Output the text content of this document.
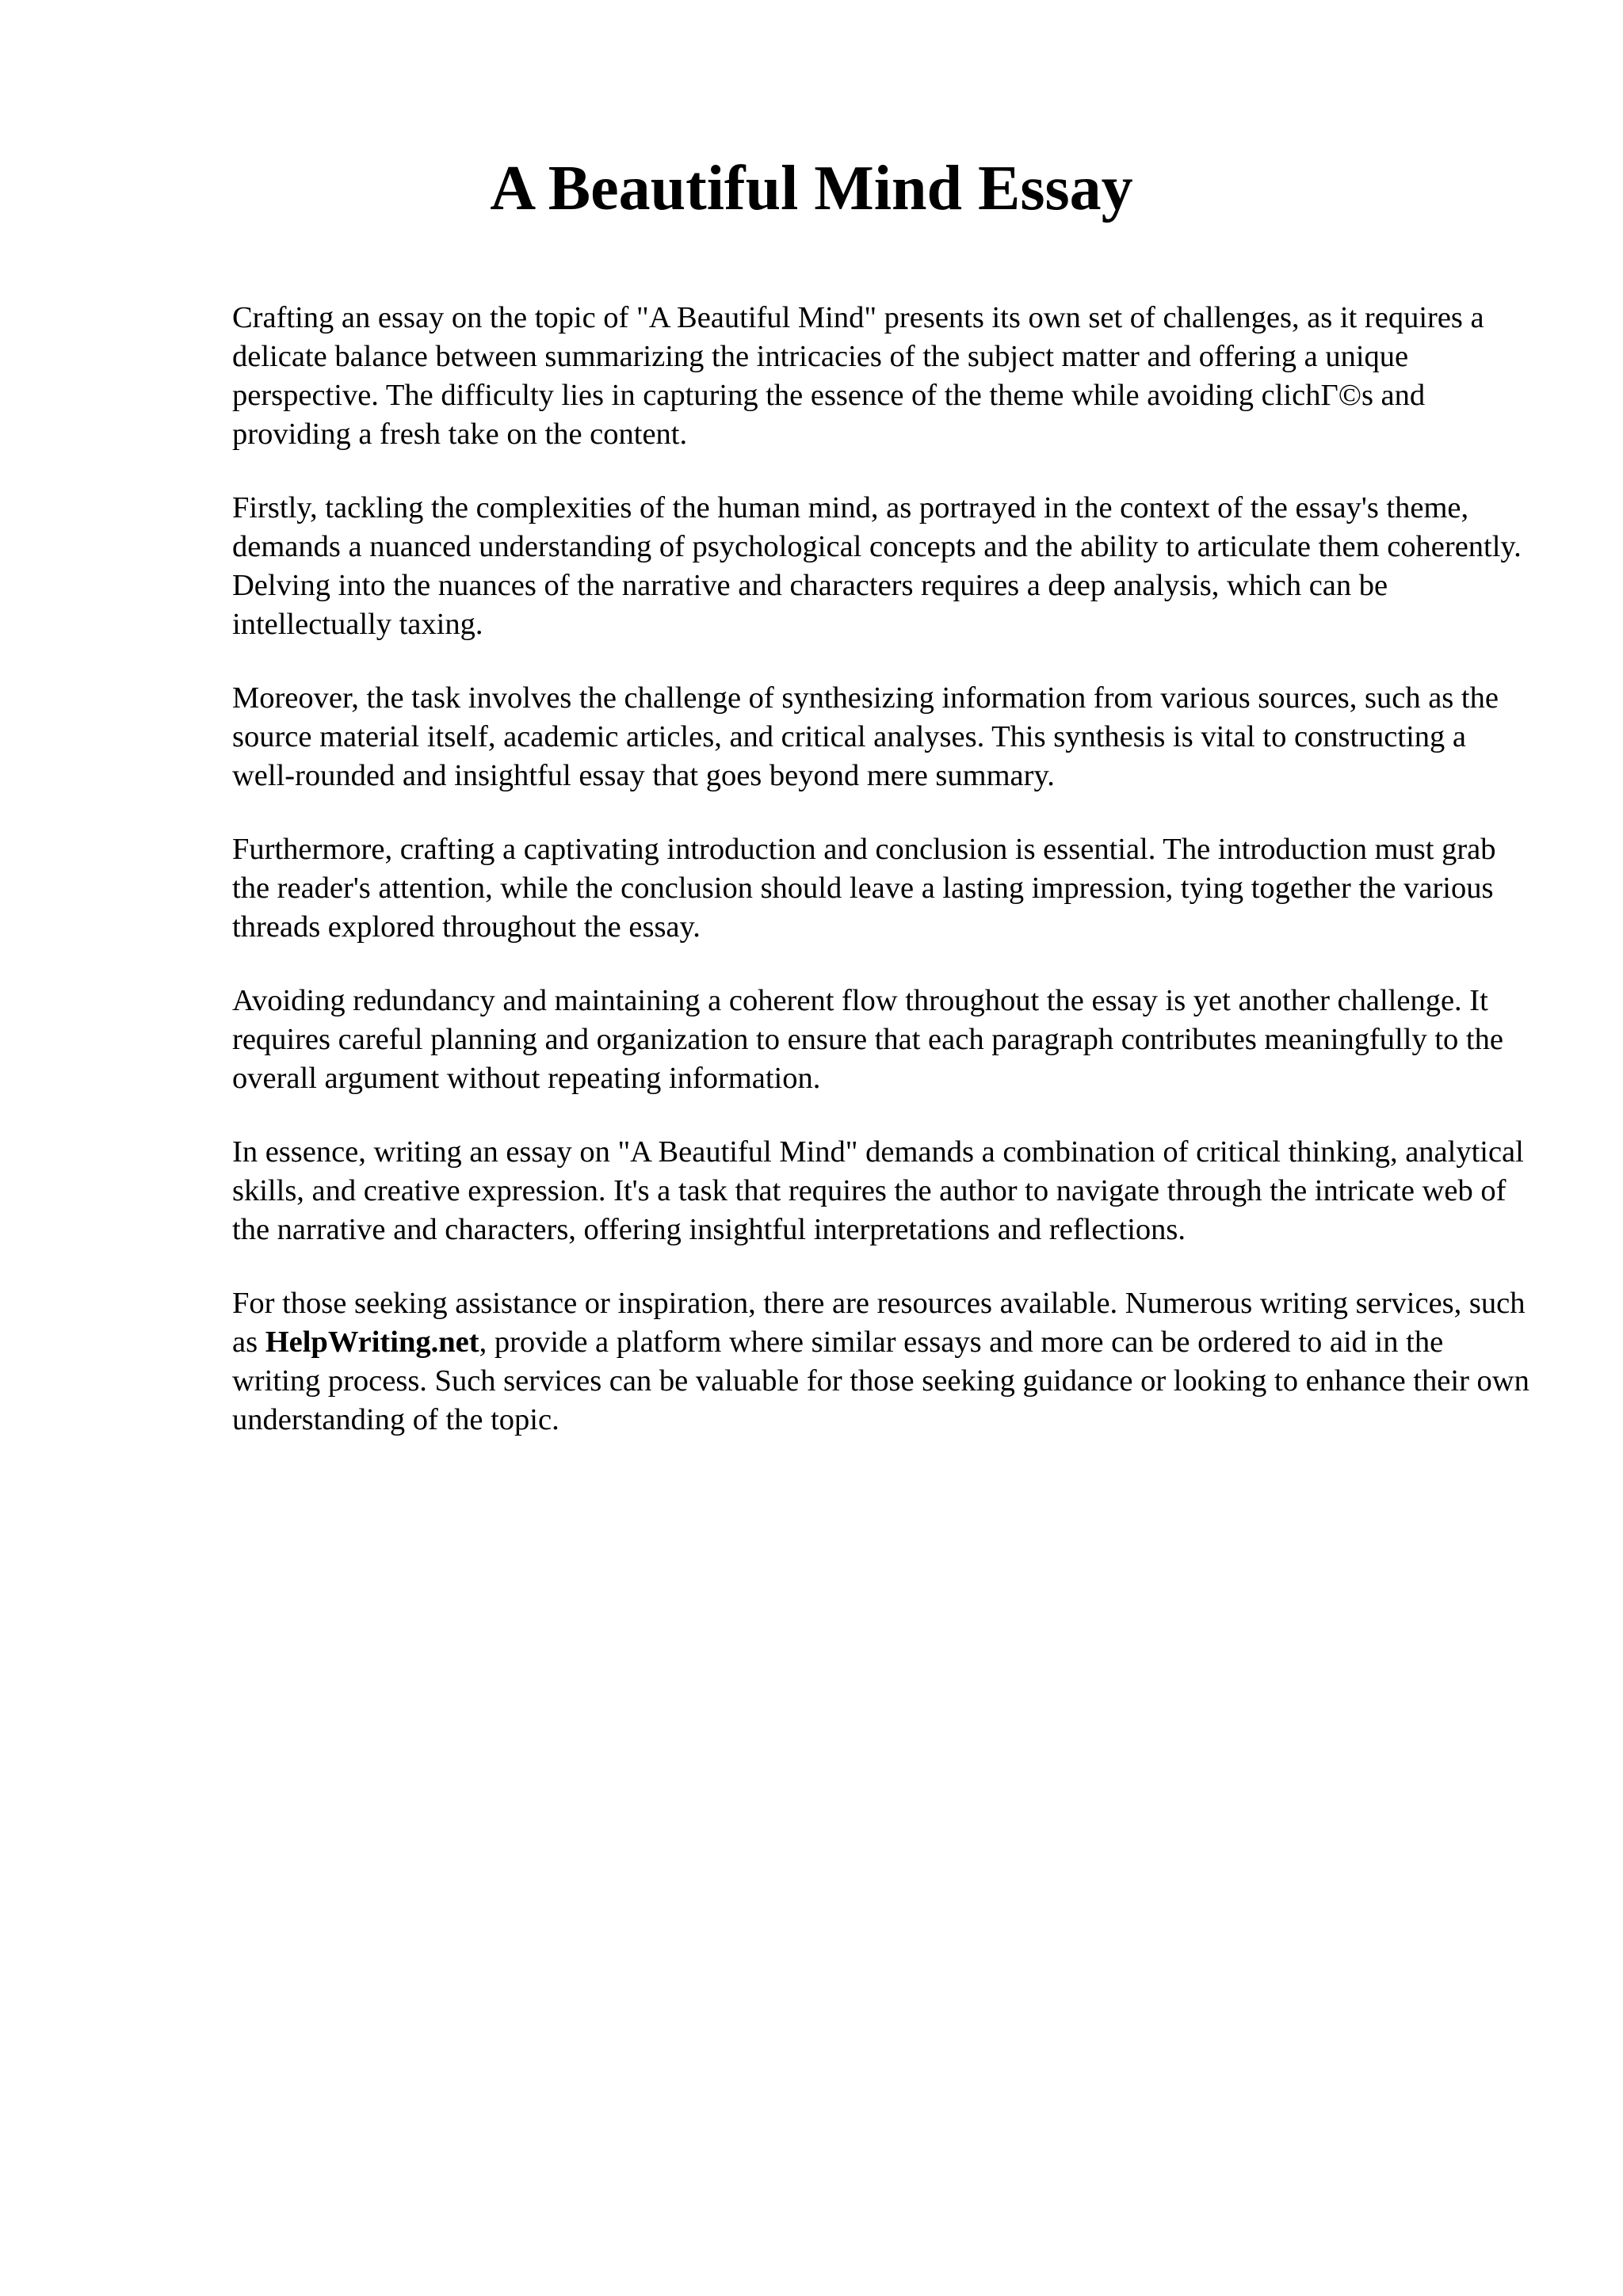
A Beautiful Mind Essay

Crafting an essay on the topic of "A Beautiful Mind" presents its own set of challenges, as it requires a delicate balance between summarizing the intricacies of the subject matter and offering a unique perspective. The difficulty lies in capturing the essence of the theme while avoiding clichΓ©s and providing a fresh take on the content.

Firstly, tackling the complexities of the human mind, as portrayed in the context of the essay's theme, demands a nuanced understanding of psychological concepts and the ability to articulate them coherently. Delving into the nuances of the narrative and characters requires a deep analysis, which can be intellectually taxing.

Moreover, the task involves the challenge of synthesizing information from various sources, such as the source material itself, academic articles, and critical analyses. This synthesis is vital to constructing a well-rounded and insightful essay that goes beyond mere summary.

Furthermore, crafting a captivating introduction and conclusion is essential. The introduction must grab the reader's attention, while the conclusion should leave a lasting impression, tying together the various threads explored throughout the essay.

Avoiding redundancy and maintaining a coherent flow throughout the essay is yet another challenge. It requires careful planning and organization to ensure that each paragraph contributes meaningfully to the overall argument without repeating information.

In essence, writing an essay on "A Beautiful Mind" demands a combination of critical thinking, analytical skills, and creative expression. It's a task that requires the author to navigate through the intricate web of the narrative and characters, offering insightful interpretations and reflections.

For those seeking assistance or inspiration, there are resources available. Numerous writing services, such as HelpWriting.net, provide a platform where similar essays and more can be ordered to aid in the writing process. Such services can be valuable for those seeking guidance or looking to enhance their own understanding of the topic.
